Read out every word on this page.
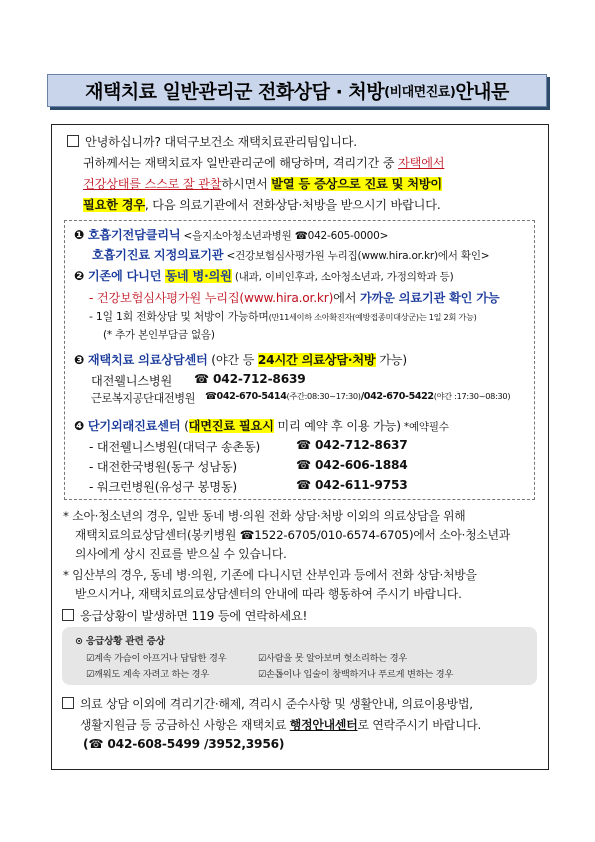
재택치료 일반관리군 전화상담 · 처방 (비대면진료) 안내문
안녕하십니까? 대덕구보건소 재택치료관리팀입니다.
귀하께서는 재택치료자 일반관리군에 해당하며, 격리기간 중 자택에서
건강상태를 스스로 잘 관찰하시면서 발열 등 증상으로 진료 및 처방이
필요한 경우, 다음 의료기관에서 전화상담·처방을 받으시기 바랍니다.
❶ 호흡기전담클리닉 <을지소아청소년과병원 ☎042-605-0000>
호흡기진료 지정의료기관 <건강보험심사평가원 누리집(www.hira.or.kr)에서 확인>
❷ 기존에 다니던 동네 병·의원 (내과, 이비인후과, 소아청소년과, 가정의학과 등)
- 건강보험심사평가원 누리집(www.hira.or.kr)에서 가까운 의료기관 확인 가능
- 1일 1회 전화상담 및 처방이 가능하며(만11세이하 소아확진자(예방접종미대상군)는 1일 2회 가능)
(* 추가 본인부담금 없음)
❸ 재택치료 의료상담센터 (야간 등 24시간 의료상담·처방 가능)
대전웰니스병원 ☎ 042-712-8639
근로복지공단대전병원 ☎042-670-5414(주간:08:30~17:30)/042-670-5422(야간 :17:30~08:30)
❹ 단기외래진료센터 (대면진료 필요시 미리 예약 후 이용 가능) *예약필수
- 대전웰니스병원(대덕구 송촌동)	☎ 042-712-8637
- 대전한국병원(동구 성남동)	☎ 042-606-1884
- 워크런병원(유성구 봉명동)	☎ 042-611-9753
* 소아·청소년의 경우, 일반 동네 병·의원 전화 상담·처방 이외의 의료상담을 위해
재택치료의료상담센터(봉키병원 ☎1522-6705/010-6574-6705)에서 소아·청소년과
의사에게 상시 진료를 받으실 수 있습니다.
* 임산부의 경우, 동네 병·의원, 기존에 다니시던 산부인과 등에서 전화 상담·처방을
받으시거나, 재택치료의료상담센터의 안내에 따라 행동하여 주시기 바랍니다.
응급상황이 발생하면 119 등에 연락하세요!
⊙ 응급상황 관련 증상
☑계속 가슴이 아프거나 답답한 경우	☑사람을 못 알아보며 헛소리하는 경우
☑깨워도 계속 자려고 하는 경우	☑손톱이나 입술이 창백하거나 푸르게 변하는 경우
의료 상담 이외에 격리기간·해제, 격리시 준수사항 및 생활안내, 의료이용방법,
생활지원금 등 궁금하신 사항은 재택치료 행정안내센터로 연락주시기 바랍니다.
(☎ 042-608-5499 /3952,3956)
